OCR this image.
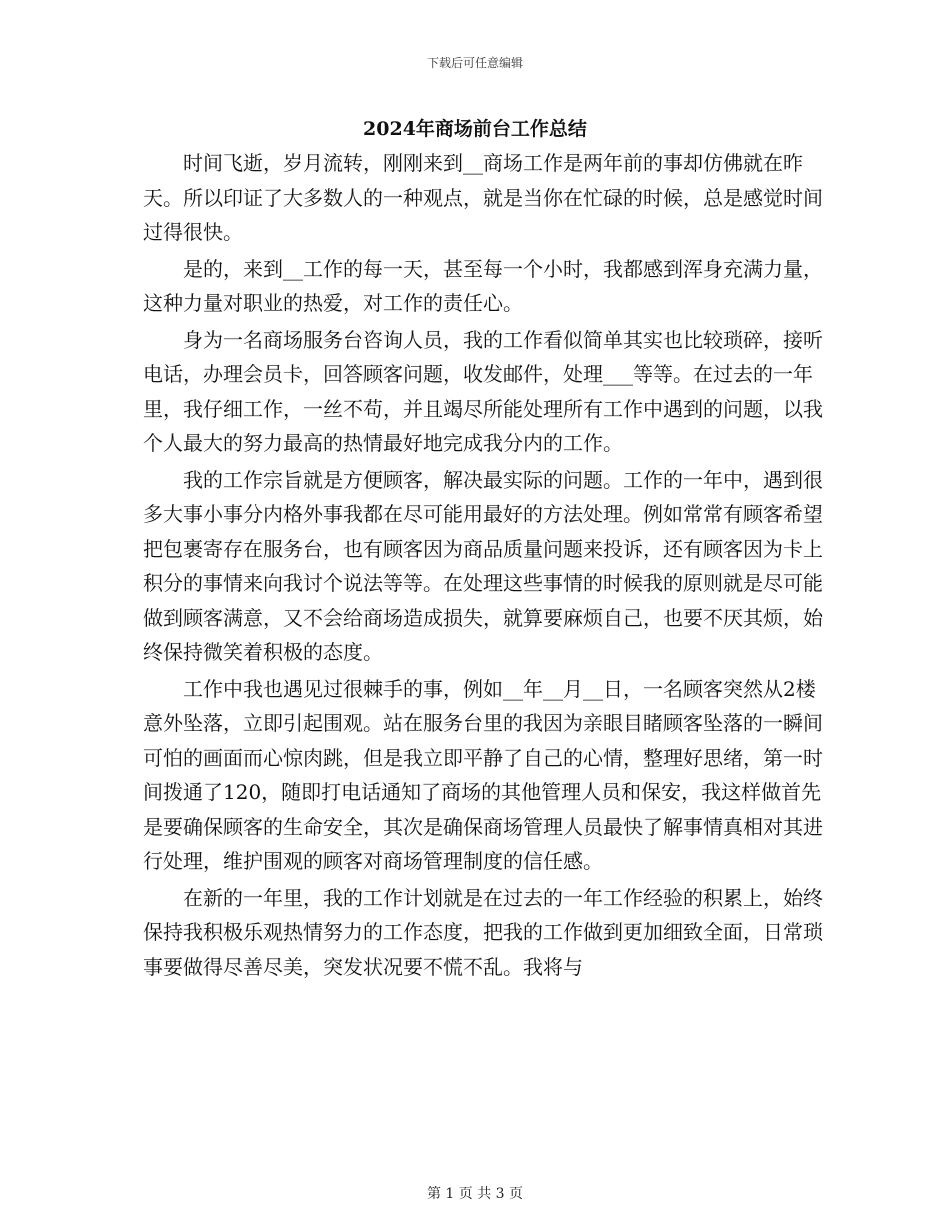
下载后可任意编辑
2024年商场前台工作总结

时间飞逝，岁月流转，刚刚来到__商场工作是两年前的事却仿佛就在昨天。所以印证了大多数人的一种观点，就是当你在忙碌的时候，总是感觉时间过得很快。

是的，来到__工作的每一天，甚至每一个小时，我都感到浑身充满力量，这种力量对职业的热爱，对工作的责任心。

身为一名商场服务台咨询人员，我的工作看似简单其实也比较琐碎，接听电话，办理会员卡，回答顾客问题，收发邮件，处理___等等。在过去的一年里，我仔细工作，一丝不苟，并且竭尽所能处理所有工作中遇到的问题，以我个人最大的努力最高的热情最好地完成我分内的工作。

我的工作宗旨就是方便顾客，解决最实际的问题。工作的一年中，遇到很多大事小事分内格外事我都在尽可能用最好的方法处理。例如常常有顾客希望把包裹寄存在服务台，也有顾客因为商品质量问题来投诉，还有顾客因为卡上积分的事情来向我讨个说法等等。在处理这些事情的时候我的原则就是尽可能做到顾客满意，又不会给商场造成损失，就算要麻烦自己，也要不厌其烦，始终保持微笑着积极的态度。

工作中我也遇见过很棘手的事，例如__年__月__日，一名顾客突然从2楼意外坠落，立即引起围观。站在服务台里的我因为亲眼目睹顾客坠落的一瞬间可怕的画面而心惊肉跳，但是我立即平静了自己的心情，整理好思绪，第一时间拨通了120，随即打电话通知了商场的其他管理人员和保安，我这样做首先是要确保顾客的生命安全，其次是确保商场管理人员最快了解事情真相对其进行处理，维护围观的顾客对商场管理制度的信任感。

在新的一年里，我的工作计划就是在过去的一年工作经验的积累上，始终保持我积极乐观热情努力的工作态度，把我的工作做到更加细致全面，日常琐事要做得尽善尽美，突发状况要不慌不乱。我将与

第 1 页 共 3 页
